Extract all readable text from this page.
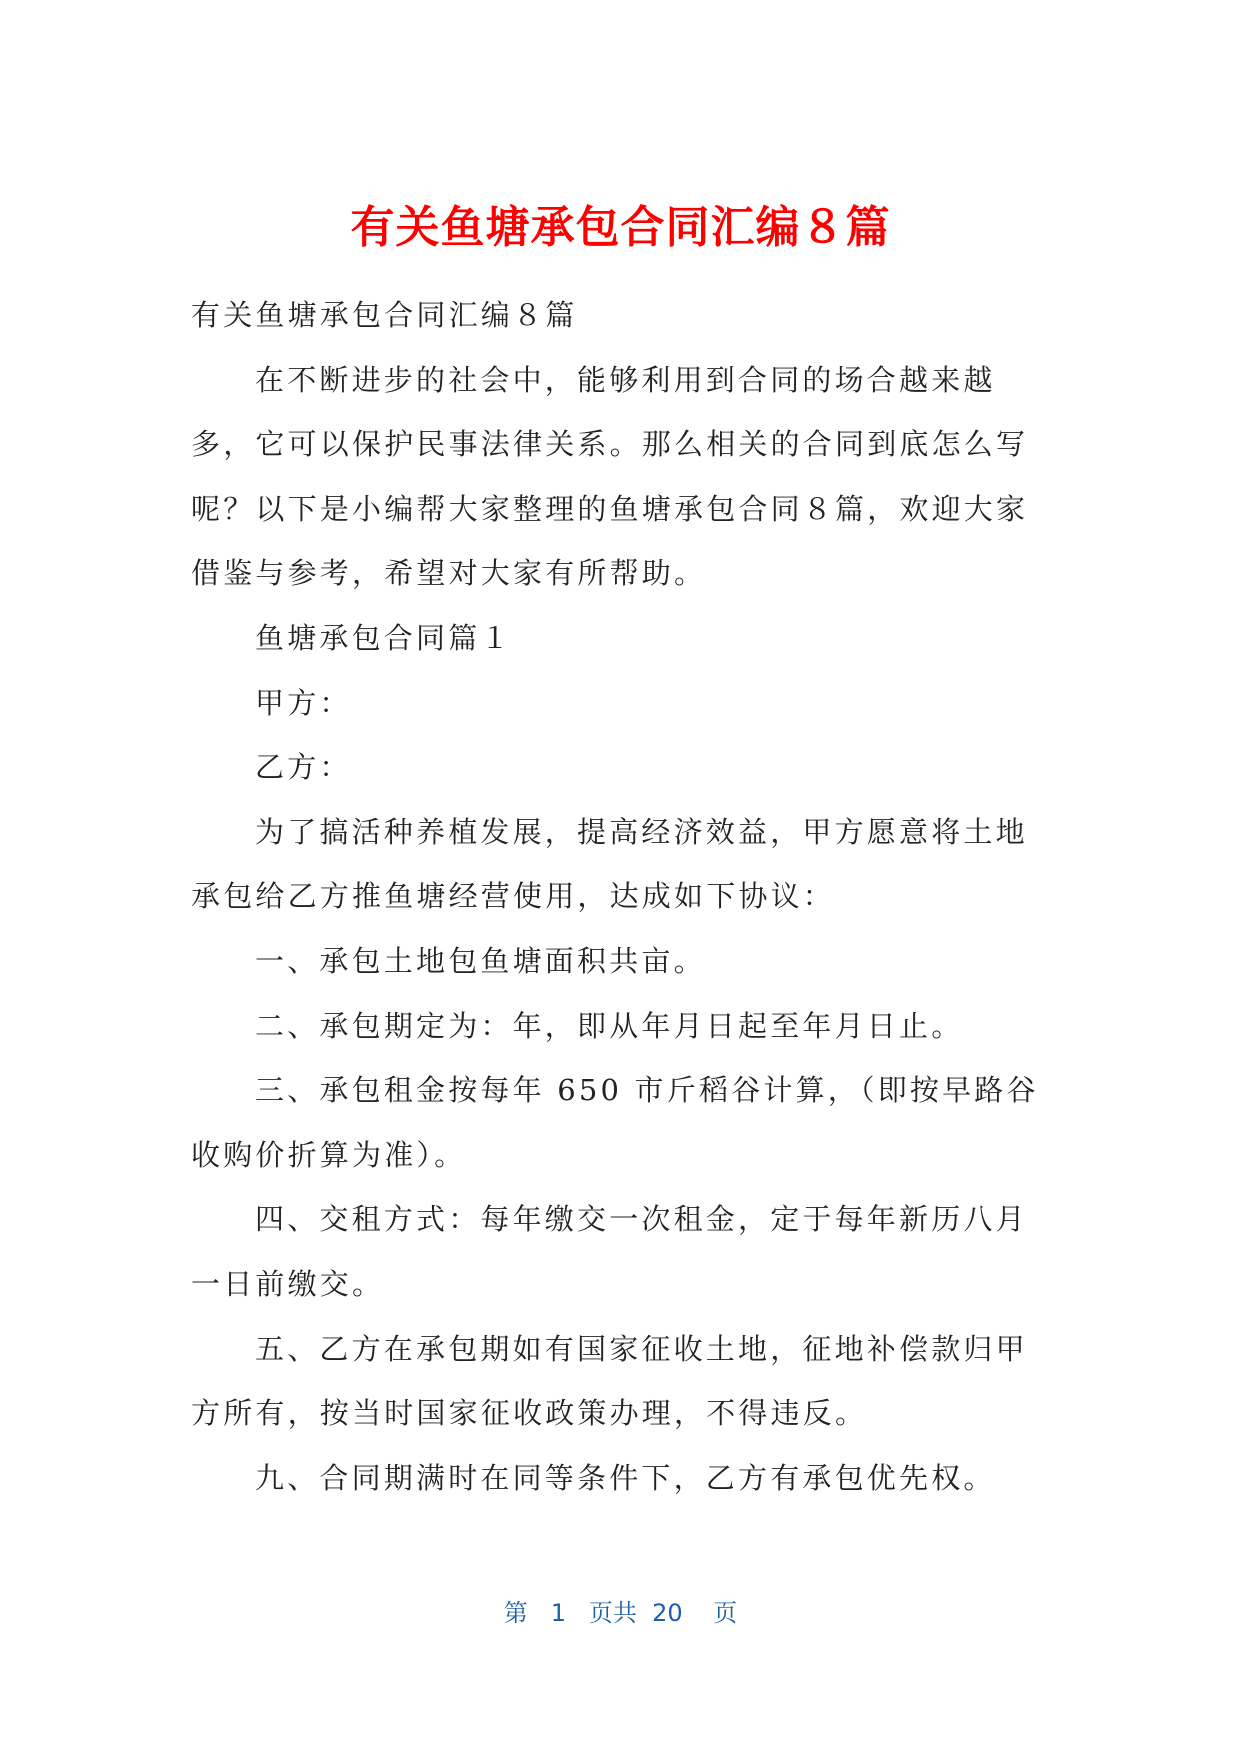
有关鱼塘承包合同汇编８篇

有关鱼塘承包合同汇编８篇

在不断进步的社会中，能够利用到合同的场合越来越多，它可以保护民事法律关系。那么相关的合同到底怎么写呢？以下是小编帮大家整理的鱼塘承包合同８篇，欢迎大家借鉴与参考，希望对大家有所帮助。

鱼塘承包合同篇１

甲方：

乙方：

为了搞活种养植发展，提高经济效益，甲方愿意将土地承包给乙方推鱼塘经营使用，达成如下协议：

一、承包土地包鱼塘面积共亩。

二、承包期定为：年，即从年月日起至年月日止。

三、承包租金按每年 650 市斤稻谷计算，（即按早路谷收购价折算为准）。

四、交租方式：每年缴交一次租金，定于每年新历八月一日前缴交。

五、乙方在承包期如有国家征收土地，征地补偿款归甲方所有，按当时国家征收政策办理，不得违反。

九、合同期满时在同等条件下，乙方有承包优先权。

第 1 页共 20 页
